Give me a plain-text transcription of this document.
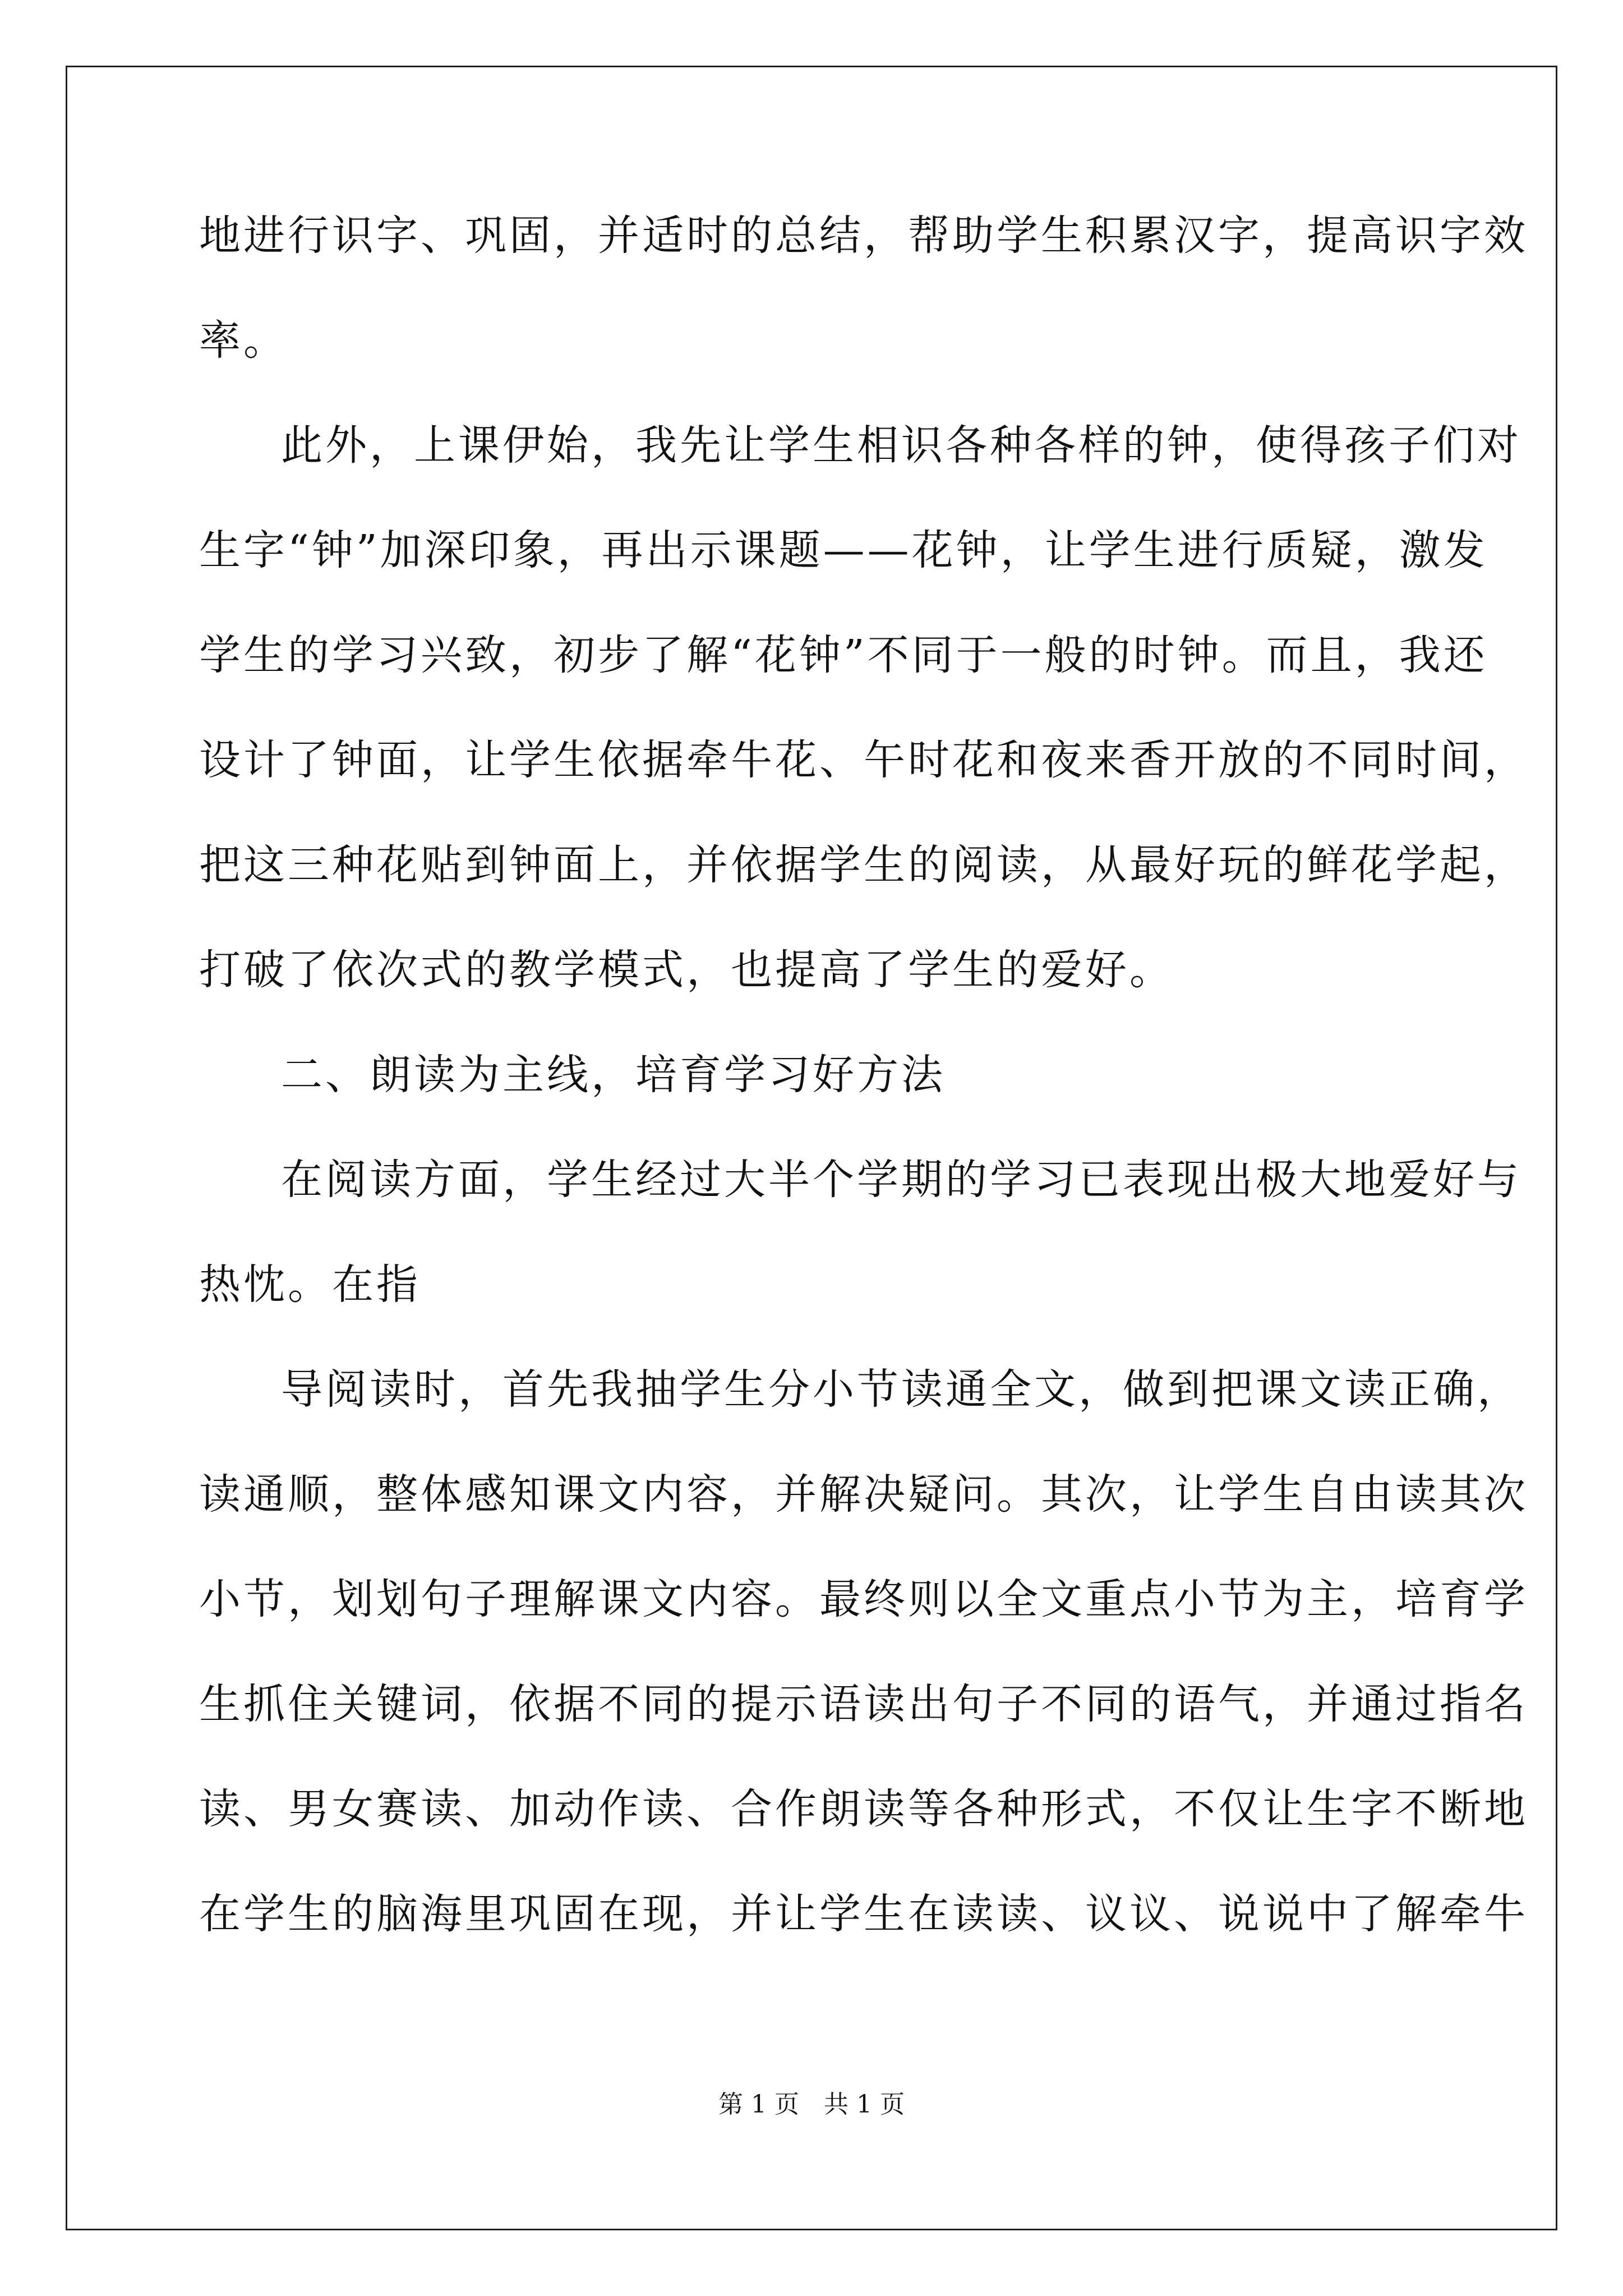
地进行识字、巩固，并适时的总结，帮助学生积累汉字，提高识字效
率。
此外，上课伊始，我先让学生相识各种各样的钟，使得孩子们对
生字“钟”加深印象，再出示课题——花钟，让学生进行质疑，激发
学生的学习兴致，初步了解“花钟”不同于一般的时钟。而且，我还
设计了钟面，让学生依据牵牛花、午时花和夜来香开放的不同时间，
把这三种花贴到钟面上，并依据学生的阅读，从最好玩的鲜花学起，
打破了依次式的教学模式，也提高了学生的爱好。
二、朗读为主线，培育学习好方法
在阅读方面，学生经过大半个学期的学习已表现出极大地爱好与
热忱。在指
导阅读时，首先我抽学生分小节读通全文，做到把课文读正确，
读通顺，整体感知课文内容，并解决疑问。其次，让学生自由读其次
小节，划划句子理解课文内容。最终则以全文重点小节为主，培育学
生抓住关键词，依据不同的提示语读出句子不同的语气，并通过指名
读、男女赛读、加动作读、合作朗读等各种形式，不仅让生字不断地
在学生的脑海里巩固在现，并让学生在读读、议议、说说中了解牵牛
第 1 页　共 1 页
